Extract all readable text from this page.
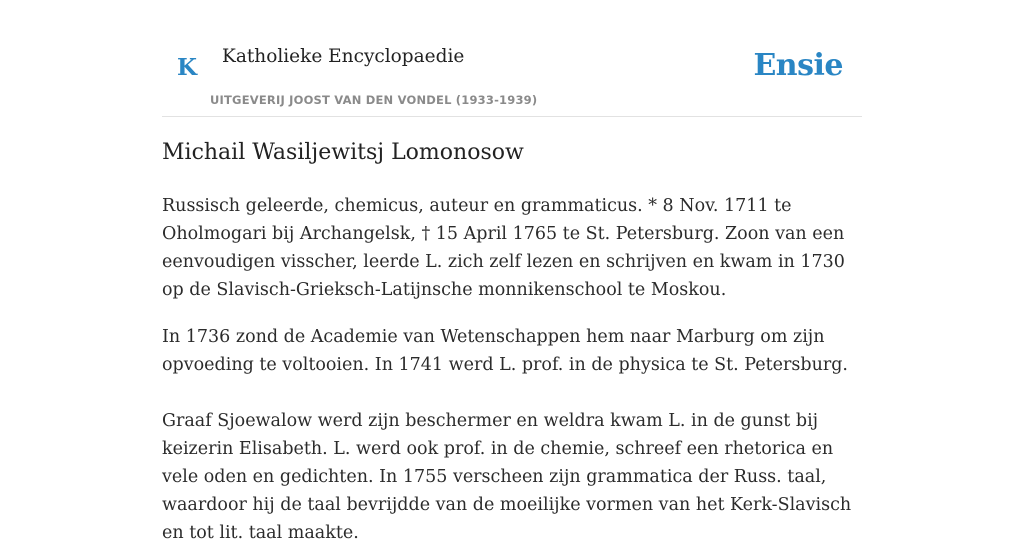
K Katholieke Encyclopaedie
UITGEVERIJ JOOST VAN DEN VONDEL (1933-1939)
Ensie
Michail Wasiljewitsj Lomonosow

Russisch geleerde, chemicus, auteur en grammaticus. * 8 Nov. 1711 te Oholmogari bij Archangelsk, † 15 April 1765 te St. Petersburg. Zoon van een eenvoudigen visscher, leerde L. zich zelf lezen en schrijven en kwam in 1730 op de Slavisch-Grieksch-Latijnsche monnikenschool te Moskou.

In 1736 zond de Academie van Wetenschappen hem naar Marburg om zijn opvoeding te voltooien. In 1741 werd L. prof. in de physica te St. Petersburg.

Graaf Sjoewalow werd zijn beschermer en weldra kwam L. in de gunst bij keizerin Elisabeth. L. werd ook prof. in de chemie, schreef een rhetorica en vele oden en gedichten. In 1755 verscheen zijn grammatica der Russ. taal, waardoor hij de taal bevrijdde van de moeilijke vormen van het Kerk-Slavisch en tot lit. taal maakte.
